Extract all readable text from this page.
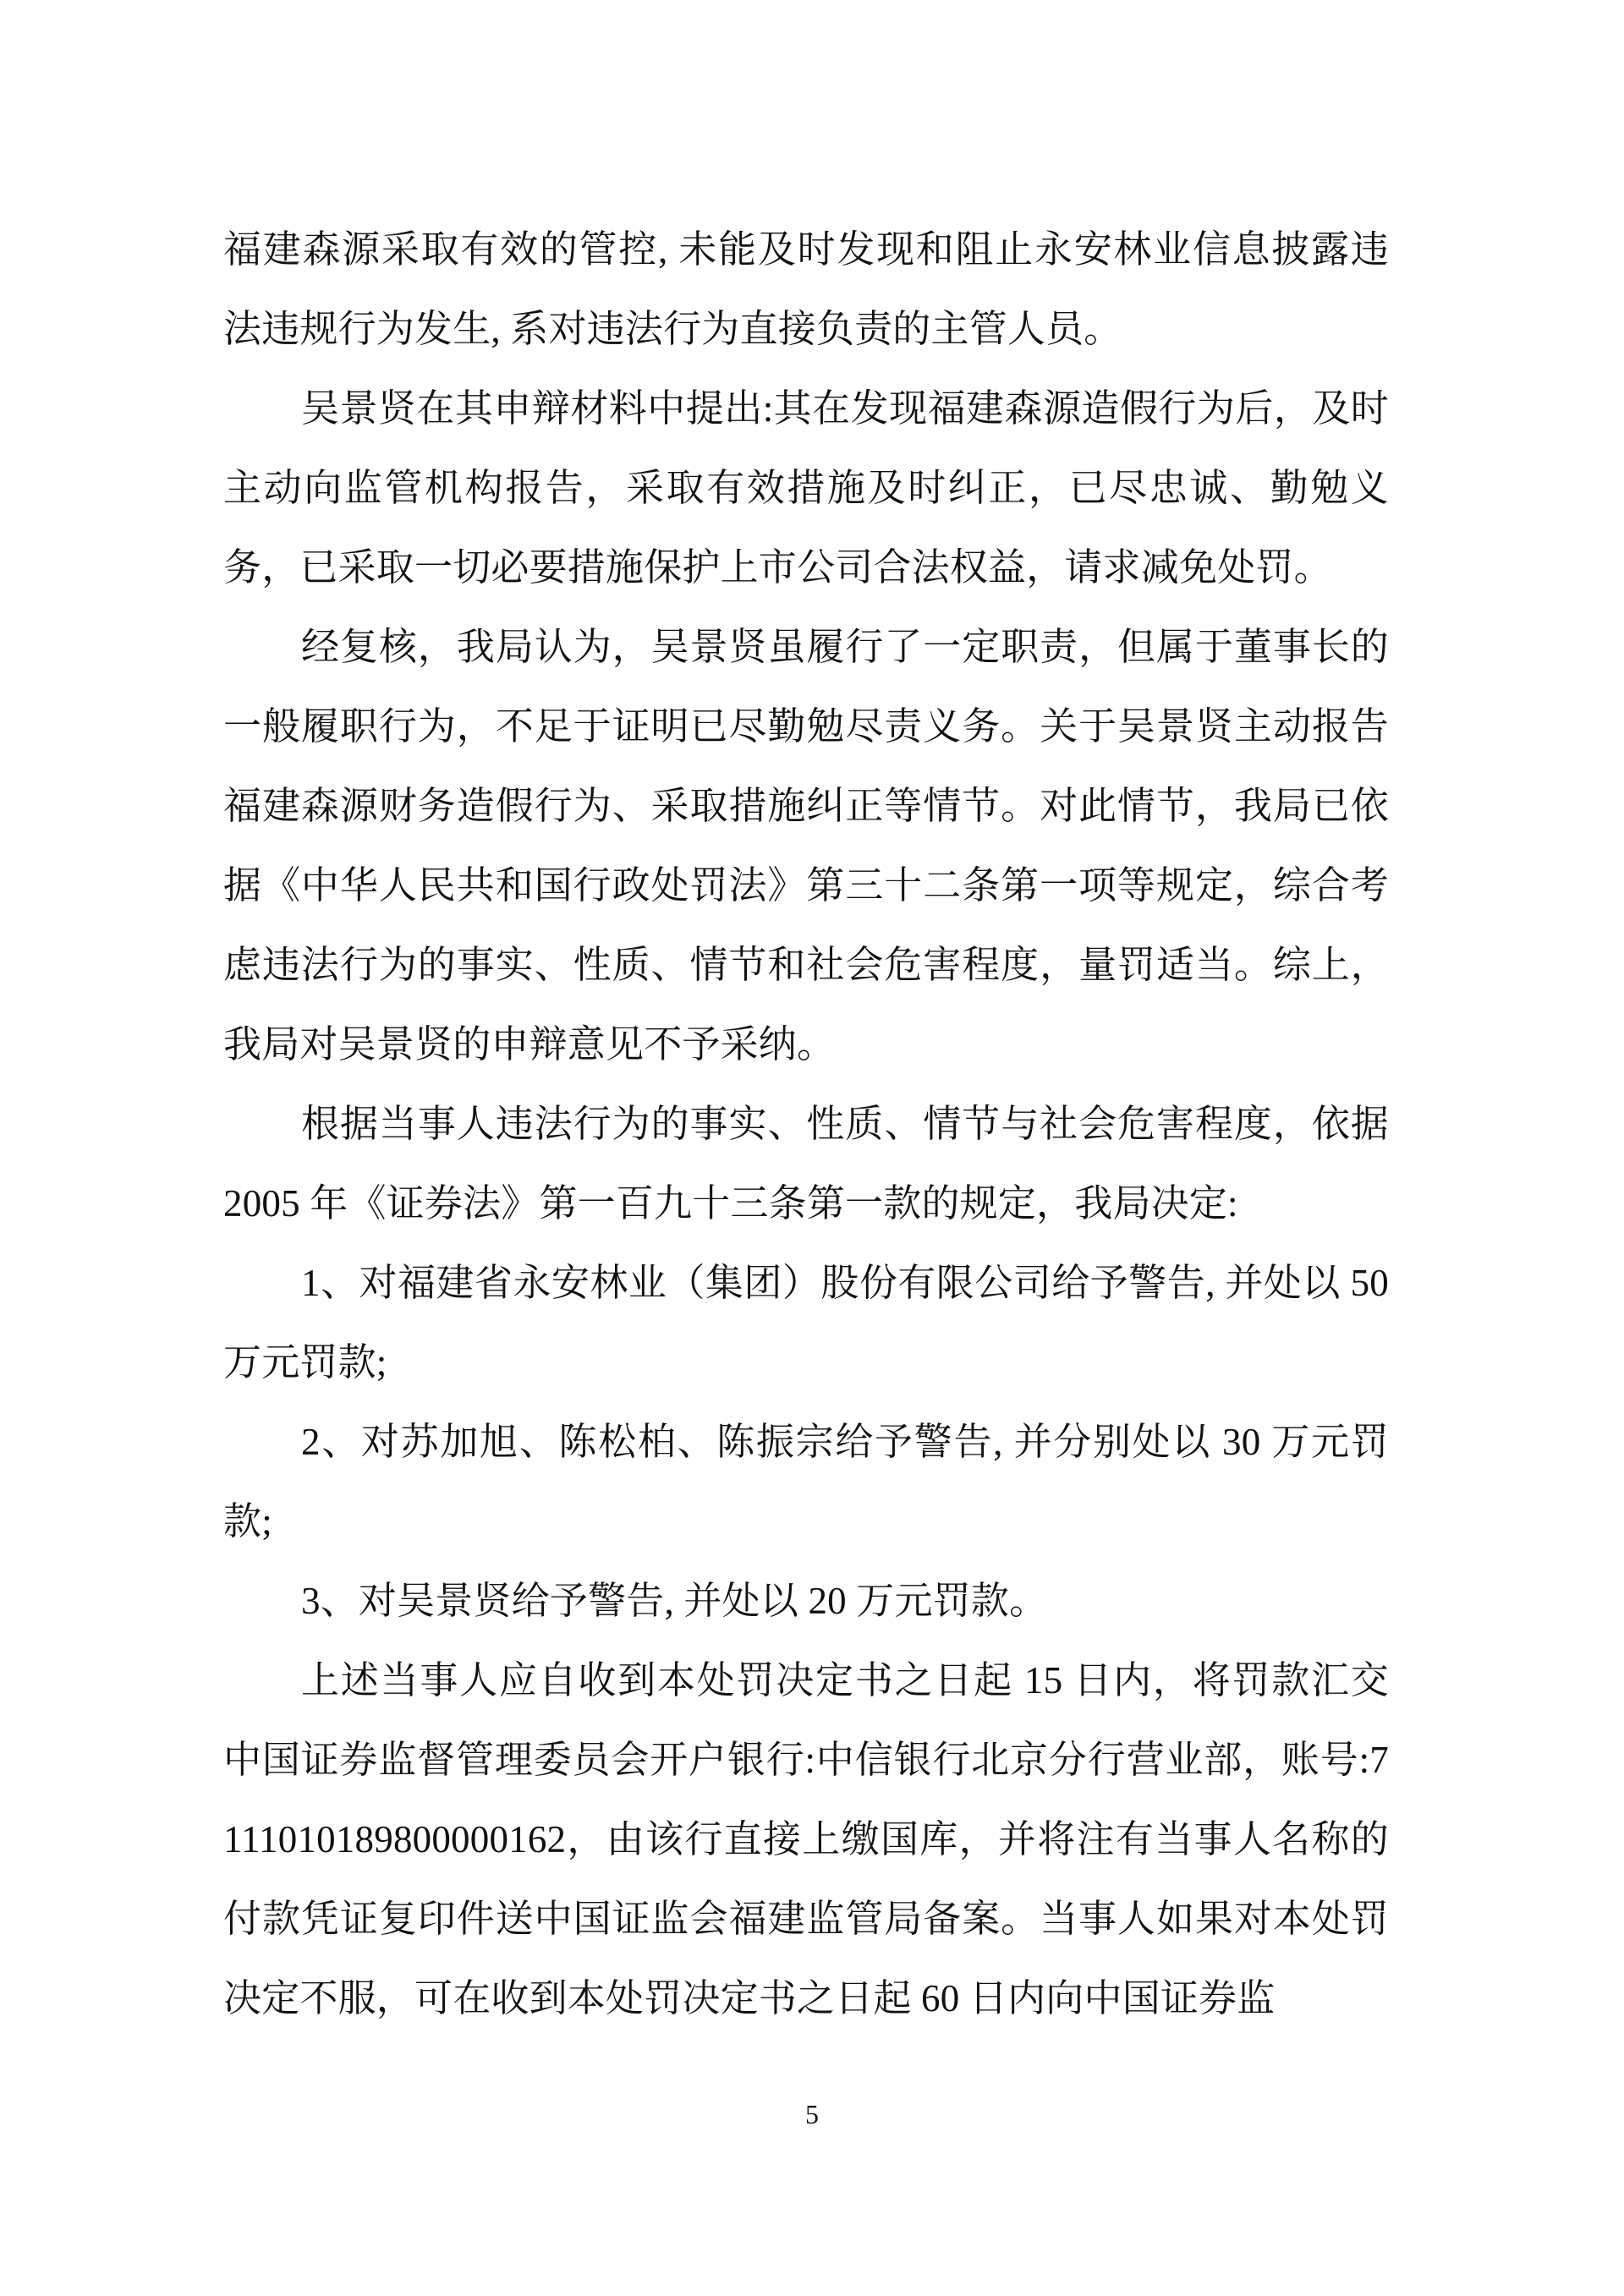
福建森源采取有效的管控, 未能及时发现和阻止永安林业信息披露违法违规行为发生, 系对违法行为直接负责的主管人员。

吴景贤在其申辩材料中提出:其在发现福建森源造假行为后，及时主动向监管机构报告，采取有效措施及时纠正，已尽忠诚、勤勉义务，已采取一切必要措施保护上市公司合法权益，请求减免处罚。

经复核，我局认为，吴景贤虽履行了一定职责，但属于董事长的一般履职行为，不足于证明已尽勤勉尽责义务。关于吴景贤主动报告福建森源财务造假行为、采取措施纠正等情节。对此情节，我局已依据《中华人民共和国行政处罚法》第三十二条第一项等规定，综合考虑违法行为的事实、性质、情节和社会危害程度，量罚适当。综上，我局对吴景贤的申辩意见不予采纳。

根据当事人违法行为的事实、性质、情节与社会危害程度，依据 2005 年《证券法》第一百九十三条第一款的规定，我局决定:

1、对福建省永安林业（集团）股份有限公司给予警告, 并处以 50 万元罚款;

2、对苏加旭、陈松柏、陈振宗给予警告, 并分别处以 30 万元罚款;

3、对吴景贤给予警告, 并处以 20 万元罚款。

上述当事人应自收到本处罚决定书之日起 15 日内，将罚款汇交中国证券监督管理委员会开户银行:中信银行北京分行营业部，账号:7111010189800000162，由该行直接上缴国库，并将注有当事人名称的付款凭证复印件送中国证监会福建监管局备案。当事人如果对本处罚决定不服，可在收到本处罚决定书之日起 60 日内向中国证券监

5
